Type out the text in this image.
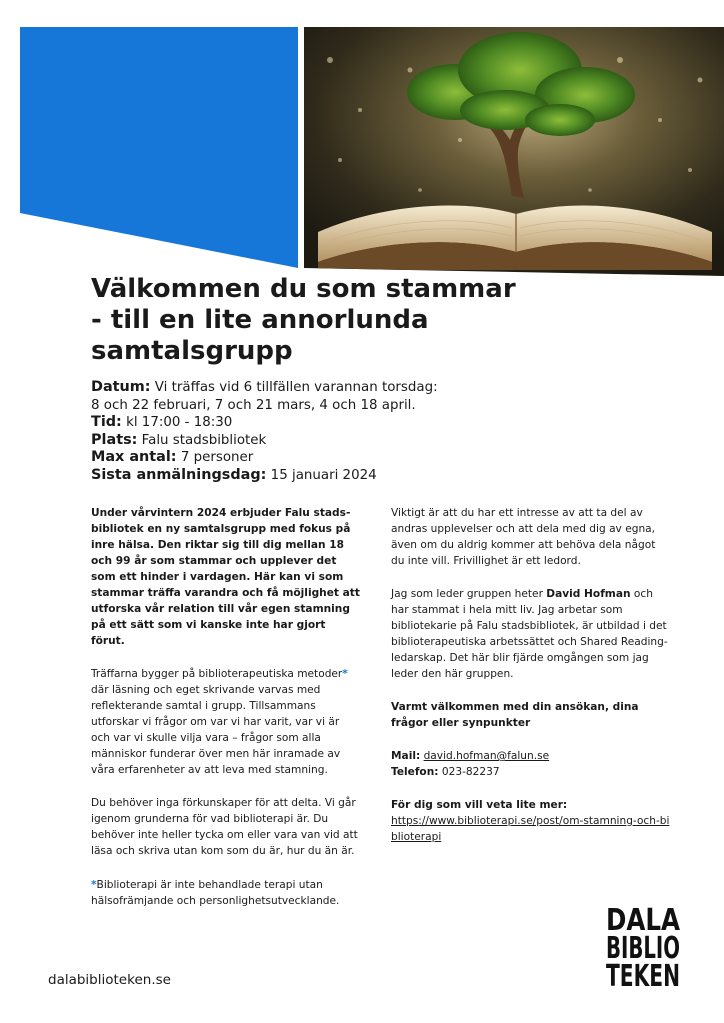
Välkommen du som stammar
- till en lite annorlunda
samtalsgrupp
Datum: Vi träffas vid 6 tillfällen varannan torsdag:
8 och 22 februari, 7 och 21 mars, 4 och 18 april.
Tid: kl 17:00 - 18:30
Plats: Falu stadsbibliotek
Max antal: 7 personer
Sista anmälningsdag: 15 januari 2024

Under vårvintern 2024 erbjuder Falu stads-bibliotek en ny samtalsgrupp med fokus på inre hälsa. Den riktar sig till dig mellan 18 och 99 år som stammar och upplever det som ett hinder i vardagen. Här kan vi som stammar träffa varandra och få möjlighet att utforska vår relation till vår egen stamning på ett sätt som vi kanske inte har gjort förut.

Träffarna bygger på biblioterapeutiska metoder* där läsning och eget skrivande varvas med reflekterande samtal i grupp. Tillsammans utforskar vi frågor om var vi har varit, var vi är och var vi skulle vilja vara – frågor som alla människor funderar över men här inramade av våra erfarenheter av att leva med stamning.

Du behöver inga förkunskaper för att delta. Vi går igenom grunderna för vad biblioterapi är. Du behöver inte heller tycka om eller vara van vid att läsa och skriva utan kom som du är, hur du än är.

Viktigt är att du har ett intresse av att ta del av andras upplevelser och att dela med dig av egna, även om du aldrig kommer att behöva dela något du inte vill. Frivillighet är ett ledord.

Jag som leder gruppen heter David Hofman och har stammat i hela mitt liv. Jag arbetar som bibliotekarie på Falu stadsbibliotek, är utbildad i det biblioterapeutiska arbetssättet och Shared Reading-ledarskap. Det här blir fjärde omgången som jag leder den här gruppen.

Varmt välkommen med din ansökan, dina frågor eller synpunkter

Mail: david.hofman@falun.se
Telefon: 023-82237

För dig som vill veta lite mer:
https://www.biblioterapi.se/post/om-stamning-och-biblioterapi

*Biblioterapi är inte behandlade terapi utan hälsofrämjande och personlighetsutvecklande.
dalabiblioteken.se
DALA
BIBLIO
TEKEN
